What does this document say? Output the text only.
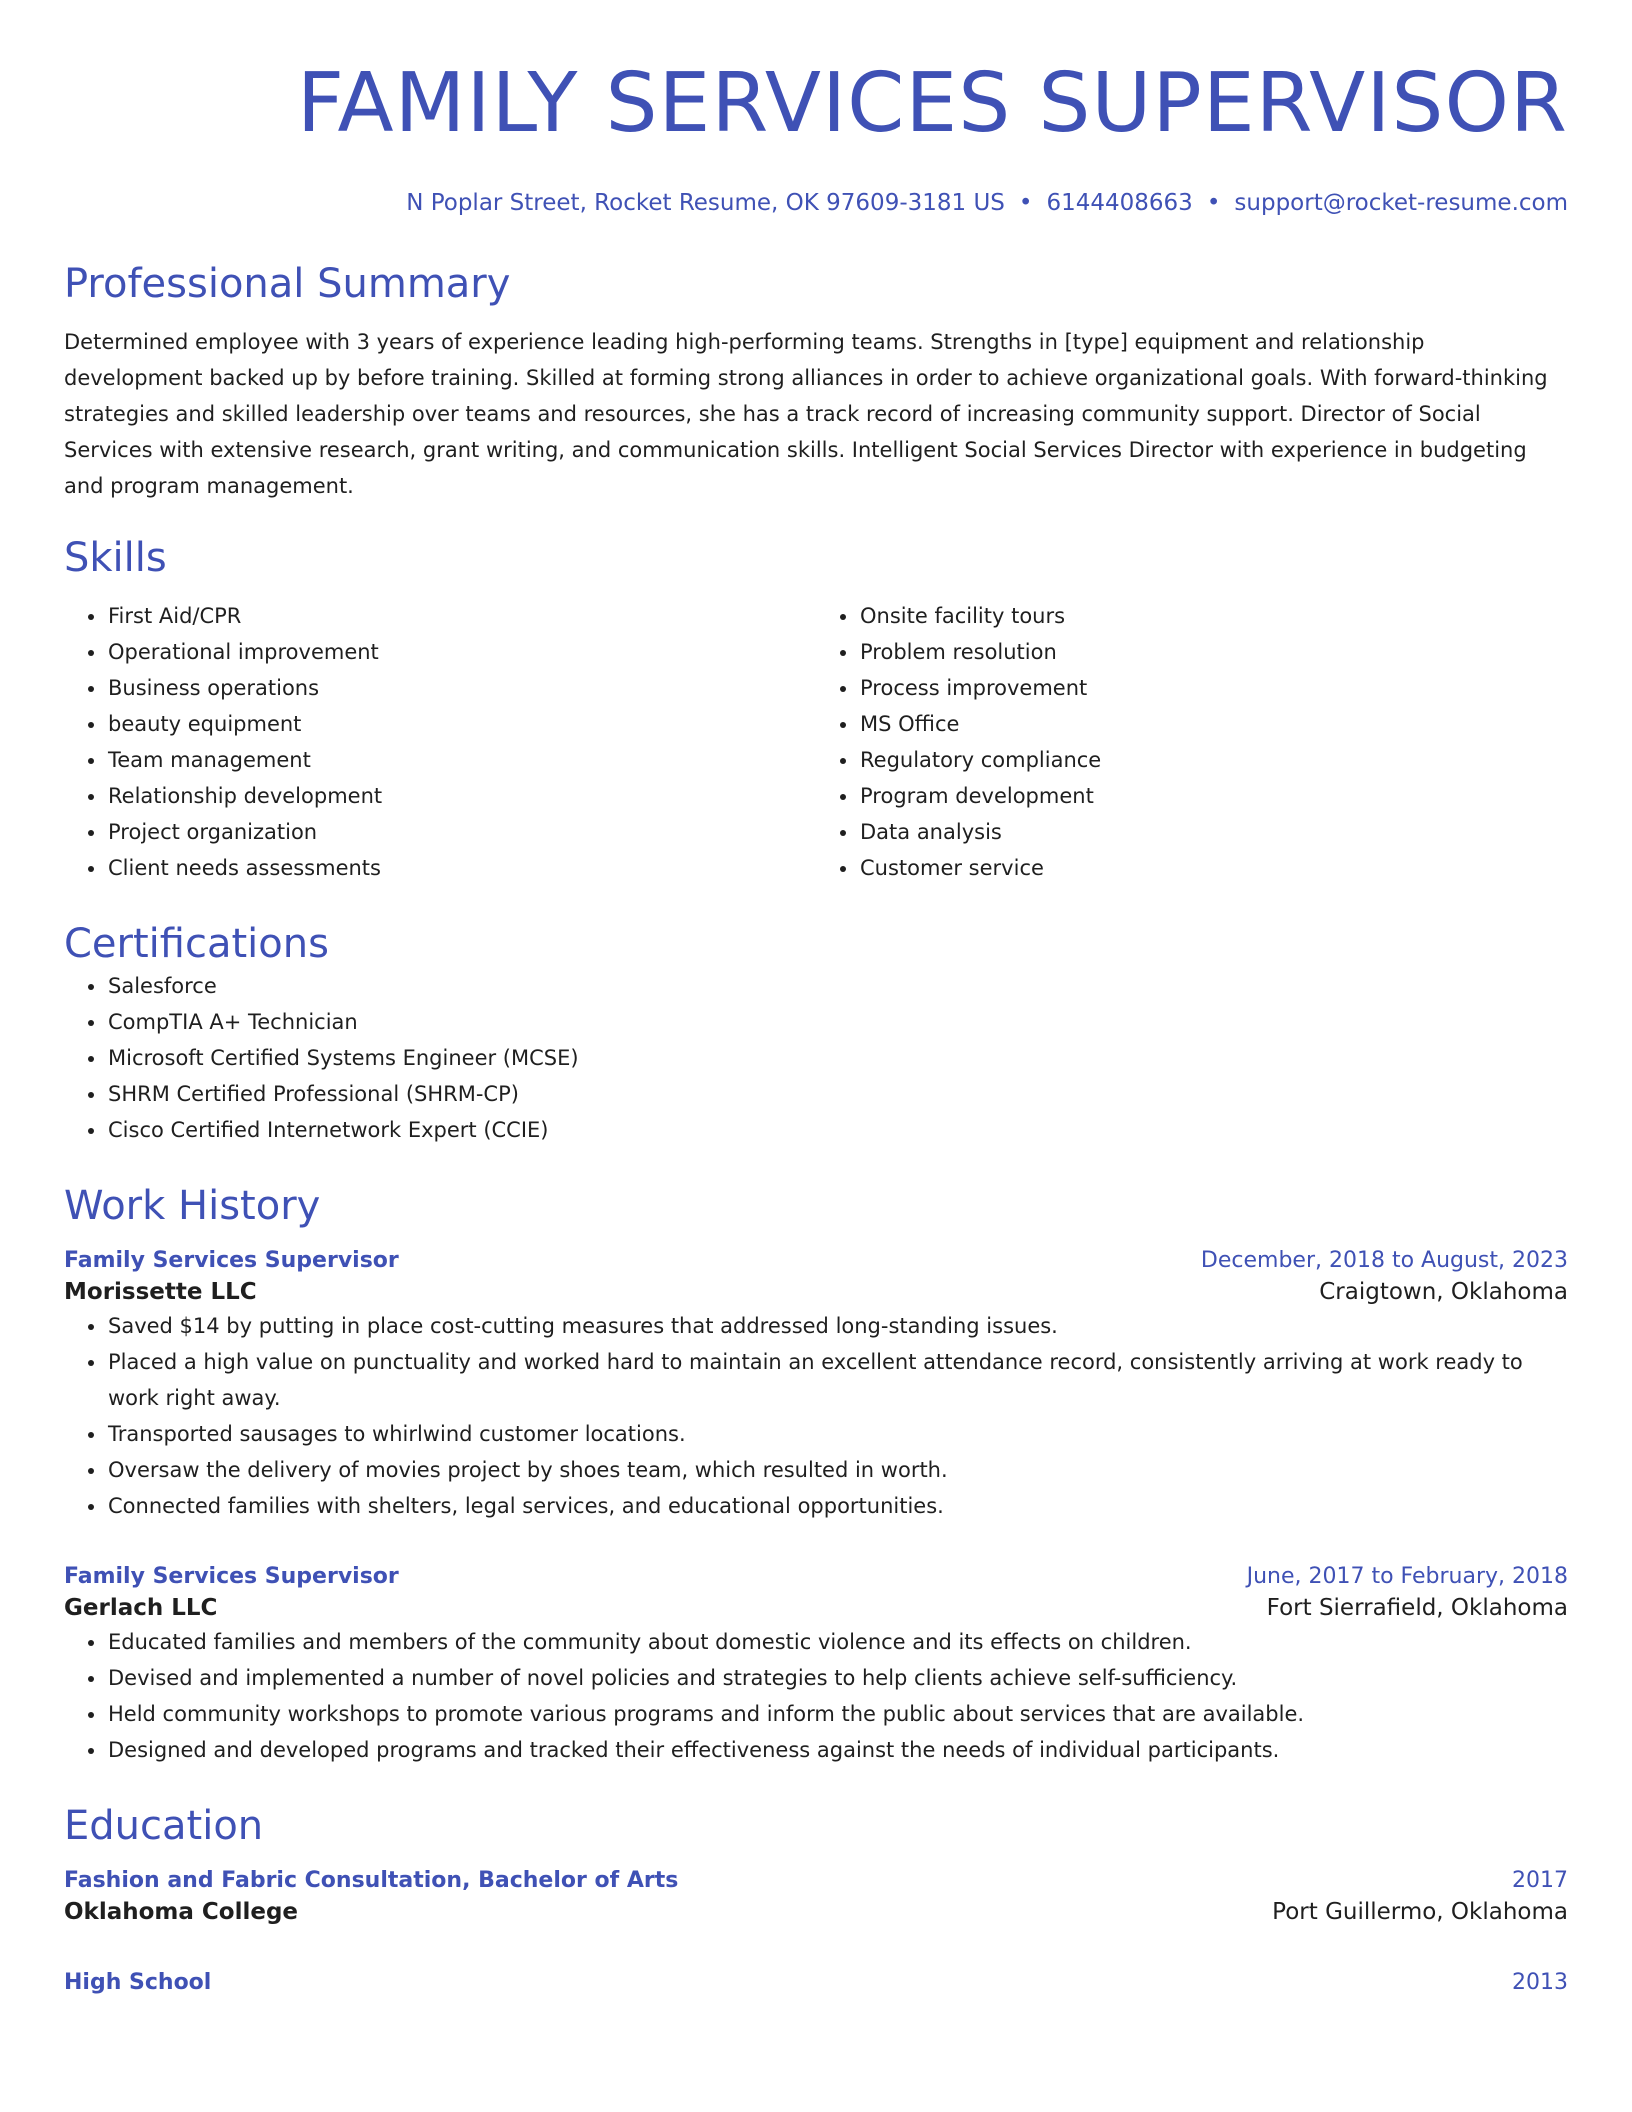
FAMILY SERVICES SUPERVISOR
N Poplar Street, Rocket Resume, OK 97609-3181 US • 6144408663 • support@rocket-resume.com
Professional Summary

Determined employee with 3 years of experience leading high-performing teams. Strengths in [type] equipment and relationship development backed up by before training. Skilled at forming strong alliances in order to achieve organizational goals. With forward-thinking strategies and skilled leadership over teams and resources, she has a track record of increasing community support. Director of Social Services with extensive research, grant writing, and communication skills. Intelligent Social Services Director with experience in budgeting and program management.

Skills
• First Aid/CPR
• Operational improvement
• Business operations
• beauty equipment
• Team management
• Relationship development
• Project organization
• Client needs assessments
• Onsite facility tours
• Problem resolution
• Process improvement
• MS Office
• Regulatory compliance
• Program development
• Data analysis
• Customer service
Certifications
• Salesforce
• CompTIA A+ Technician
• Microsoft Certified Systems Engineer (MCSE)
• SHRM Certified Professional (SHRM-CP)
• Cisco Certified Internetwork Expert (CCIE)
Work History
Family Services Supervisor	December, 2018 to August, 2023
Morissette LLC	Craigtown, Oklahoma
• Saved $14 by putting in place cost-cutting measures that addressed long-standing issues.
• Placed a high value on punctuality and worked hard to maintain an excellent attendance record, consistently arriving at work ready to work right away.
• Transported sausages to whirlwind customer locations.
• Oversaw the delivery of movies project by shoes team, which resulted in worth.
• Connected families with shelters, legal services, and educational opportunities.
Family Services Supervisor	June, 2017 to February, 2018
Gerlach LLC	Fort Sierrafield, Oklahoma
• Educated families and members of the community about domestic violence and its effects on children.
• Devised and implemented a number of novel policies and strategies to help clients achieve self-sufficiency.
• Held community workshops to promote various programs and inform the public about services that are available.
• Designed and developed programs and tracked their effectiveness against the needs of individual participants.
Education
Fashion and Fabric Consultation, Bachelor of Arts	2017
Oklahoma College	Port Guillermo, Oklahoma
High School	2013
